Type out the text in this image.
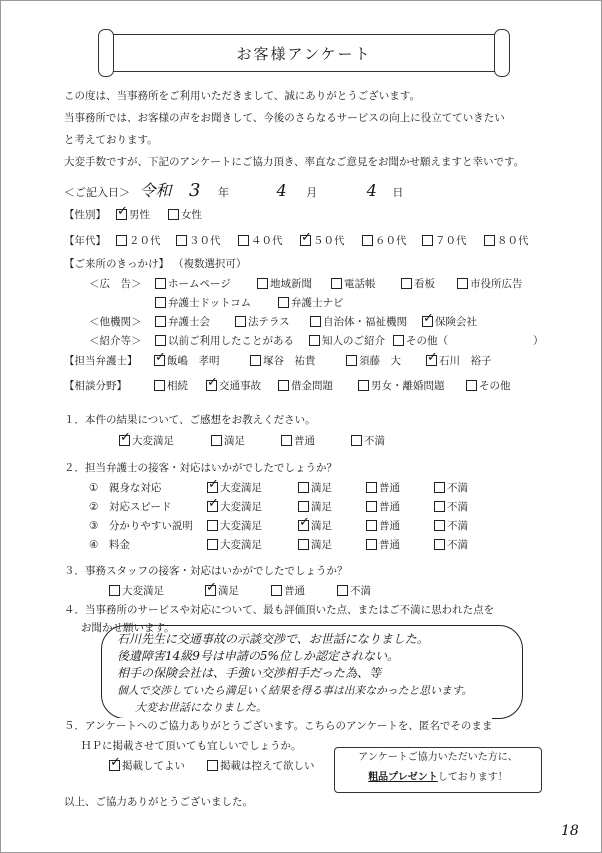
お客様アンケート
この度は、当事務所をご利用いただきまして、誠にありがとうございます。
当事務所では、お客様の声をお聞きして、今後のさらなるサービスの向上に役立てていきたい
と考えております。
大変手数ですが、下記のアンケートにご協力頂き、率直なご意見をお聞かせ願えますと幸いです。
＜ご記入日＞ 令和 3 年	4 月	4 日
【性別】 ✓	男性	女性
【年代】	２０代	３０代	４０代 ✓	５０代	６０代	７０代	８０代
【ご来所のきっかけ】 （複数選択可）
＜広　告＞	ホームページ	地域新聞	電話帳	看板	市役所広告
弁護士ドットコム	弁護士ナビ
＜他機関＞	弁護士会	法テラス	自治体・福祉機関 ✓	保険会社
＜紹介等＞	以前ご利用したことがある	知人のご紹介 その他（	）
【担当弁護士】 ✓	飯嶋　孝明	塚谷　祐貴	須藤　大 ✓	石川　裕子
【相談分野】	相続 ✓	交通事故	借金問題	男女・離婚問題	その他
１．本件の結果について、ご感想をお教えください。
✓
大変満足	満足	普通	不満
２．担当弁護士の接客・対応はいかがでしたでしょうか？
①　親身な対応 ✓	大変満足	満足	普通	不満
②　対応スピード ✓	大変満足	満足	普通	不満
③　分かりやすい説明	大変満足 ✓	満足	普通	不満
④　料金	大変満足	満足	普通	不満
３．事務スタッフの接客・対応はいかがでしたでしょうか？
大変満足 ✓	満足	普通	不満
４．当事務所のサービスや対応について、最も評価頂いた点、またはご不満に思われた点を
お聞かせ願います。
石川先生に交通事故の示談交渉で、お世話になりました。
後遺障害14級9号は申請の5%位しか認定されない。
相手の保険会社は、手強い交渉相手だった為、等
個人で交渉していたら満足いく結果を得る事は出来なかったと思います。
大変お世話になりました。
５．アンケートへのご協力ありがとうございます。こちらのアンケートを、匿名でそのまま
ＨＰに掲載させて頂いても宜しいでしょうか。
✓
掲載してよい	掲載は控えて欲しい
アンケートご協力いただいた方に、
粗品プレゼントしております！
以上、ご協力ありがとうございました。
18
